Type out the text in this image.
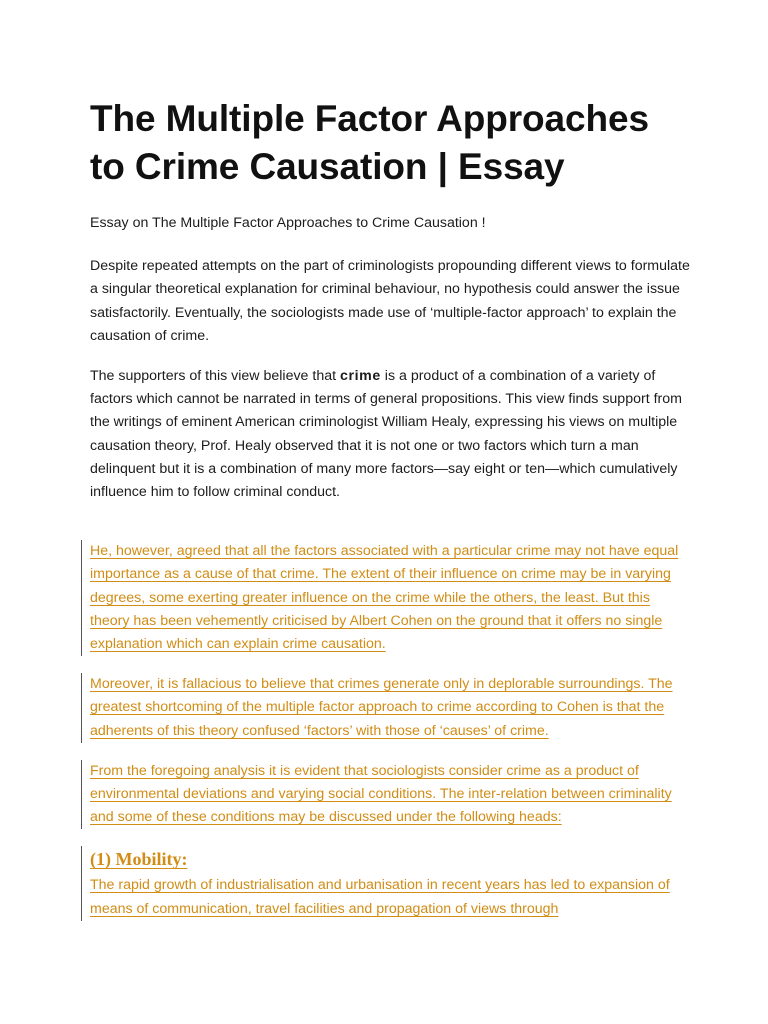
The Multiple Factor Approaches to Crime Causation | Essay

Essay on The Multiple Factor Approaches to Crime Causation !

Despite repeated attempts on the part of criminologists propounding different views to formulate a singular theoretical explanation for criminal behaviour, no hypothesis could answer the issue satisfactorily. Eventually, the sociologists made use of ‘multiple-factor approach’ to explain the causation of crime.

The supporters of this view believe that crime is a product of a combination of a variety of factors which cannot be narrated in terms of general propositions. This view finds support from the writings of eminent American criminologist William Healy, expressing his views on multiple causation theory, Prof. Healy observed that it is not one or two factors which turn a man delinquent but it is a combination of many more factors—say eight or ten—which cumulatively influence him to follow criminal conduct.

He, however, agreed that all the factors associated with a particular crime may not have equal importance as a cause of that crime. The extent of their influence on crime may be in varying degrees, some exerting greater influence on the crime while the others, the least. But this theory has been vehemently criticised by Albert Cohen on the ground that it offers no single explanation which can explain crime causation.

Moreover, it is fallacious to believe that crimes generate only in deplorable surroundings. The greatest shortcoming of the multiple factor approach to crime according to Cohen is that the adherents of this theory confused ‘factors’ with those of ‘causes’ of crime.

From the foregoing analysis it is evident that sociologists consider crime as a product of environmental deviations and varying social conditions. The inter-relation between criminality and some of these conditions may be discussed under the following heads:

(1) Mobility:

The rapid growth of industrialisation and urbanisation in recent years has led to expansion of means of communication, travel facilities and propagation of views through
